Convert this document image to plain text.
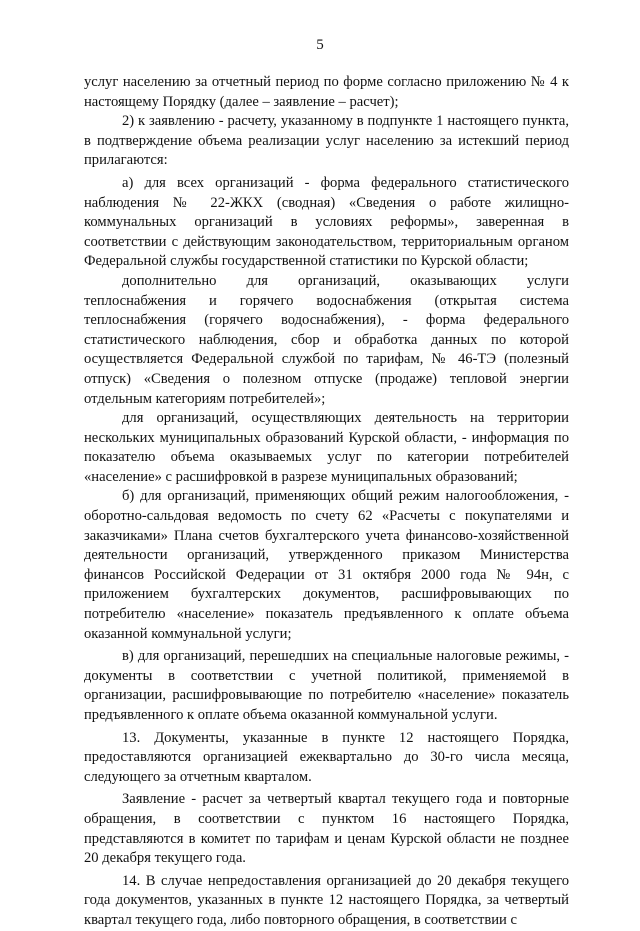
5

услуг населению за отчетный период по форме согласно приложению № 4 к настоящему Порядку (далее – заявление – расчет);

2) к заявлению - расчету, указанному в подпункте 1 настоящего пункта, в подтверждение объема реализации услуг населению за истекший период прилагаются:

а) для всех организаций - форма федерального статистического наблюдения № 22-ЖКХ (сводная) «Сведения о работе жилищно-коммунальных организаций в условиях реформы», заверенная в соответствии с действующим законодательством, территориальным органом Федеральной службы государственной статистики по Курской области;

дополнительно для организаций, оказывающих услуги теплоснабжения и горячего водоснабжения (открытая система теплоснабжения (горячего водоснабжения), - форма федерального статистического наблюдения, сбор и обработка данных по которой осуществляется Федеральной службой по тарифам, № 46-ТЭ (полезный отпуск) «Сведения о полезном отпуске (продаже) тепловой энергии отдельным категориям потребителей»;

для организаций, осуществляющих деятельность на территории нескольких муниципальных образований Курской области, - информация по показателю объема оказываемых услуг по категории потребителей «население» с расшифровкой в разрезе муниципальных образований;

б) для организаций, применяющих общий режим налогообложения, - оборотно-сальдовая ведомость по счету 62 «Расчеты с покупателями и заказчиками» Плана счетов бухгалтерского учета финансово-хозяйственной деятельности организаций, утвержденного приказом Министерства финансов Российской Федерации от 31 октября 2000 года № 94н, с приложением бухгалтерских документов, расшифровывающих по потребителю «население» показатель предъявленного к оплате объема оказанной коммунальной услуги;

в) для организаций, перешедших на специальные налоговые режимы, - документы в соответствии с учетной политикой, применяемой в организации, расшифровывающие по потребителю «население» показатель предъявленного к оплате объема оказанной коммунальной услуги.

13. Документы, указанные в пункте 12 настоящего Порядка, предоставляются организацией ежеквартально до 30-го числа месяца, следующего за отчетным кварталом.

Заявление - расчет за четвертый квартал текущего года и повторные обращения, в соответствии с пунктом 16 настоящего Порядка, представляются в комитет по тарифам и ценам Курской области не позднее 20 декабря текущего года.

14. В случае непредоставления организацией до 20 декабря текущего года документов, указанных в пункте 12 настоящего Порядка, за четвертый квартал текущего года, либо повторного обращения, в соответствии с
